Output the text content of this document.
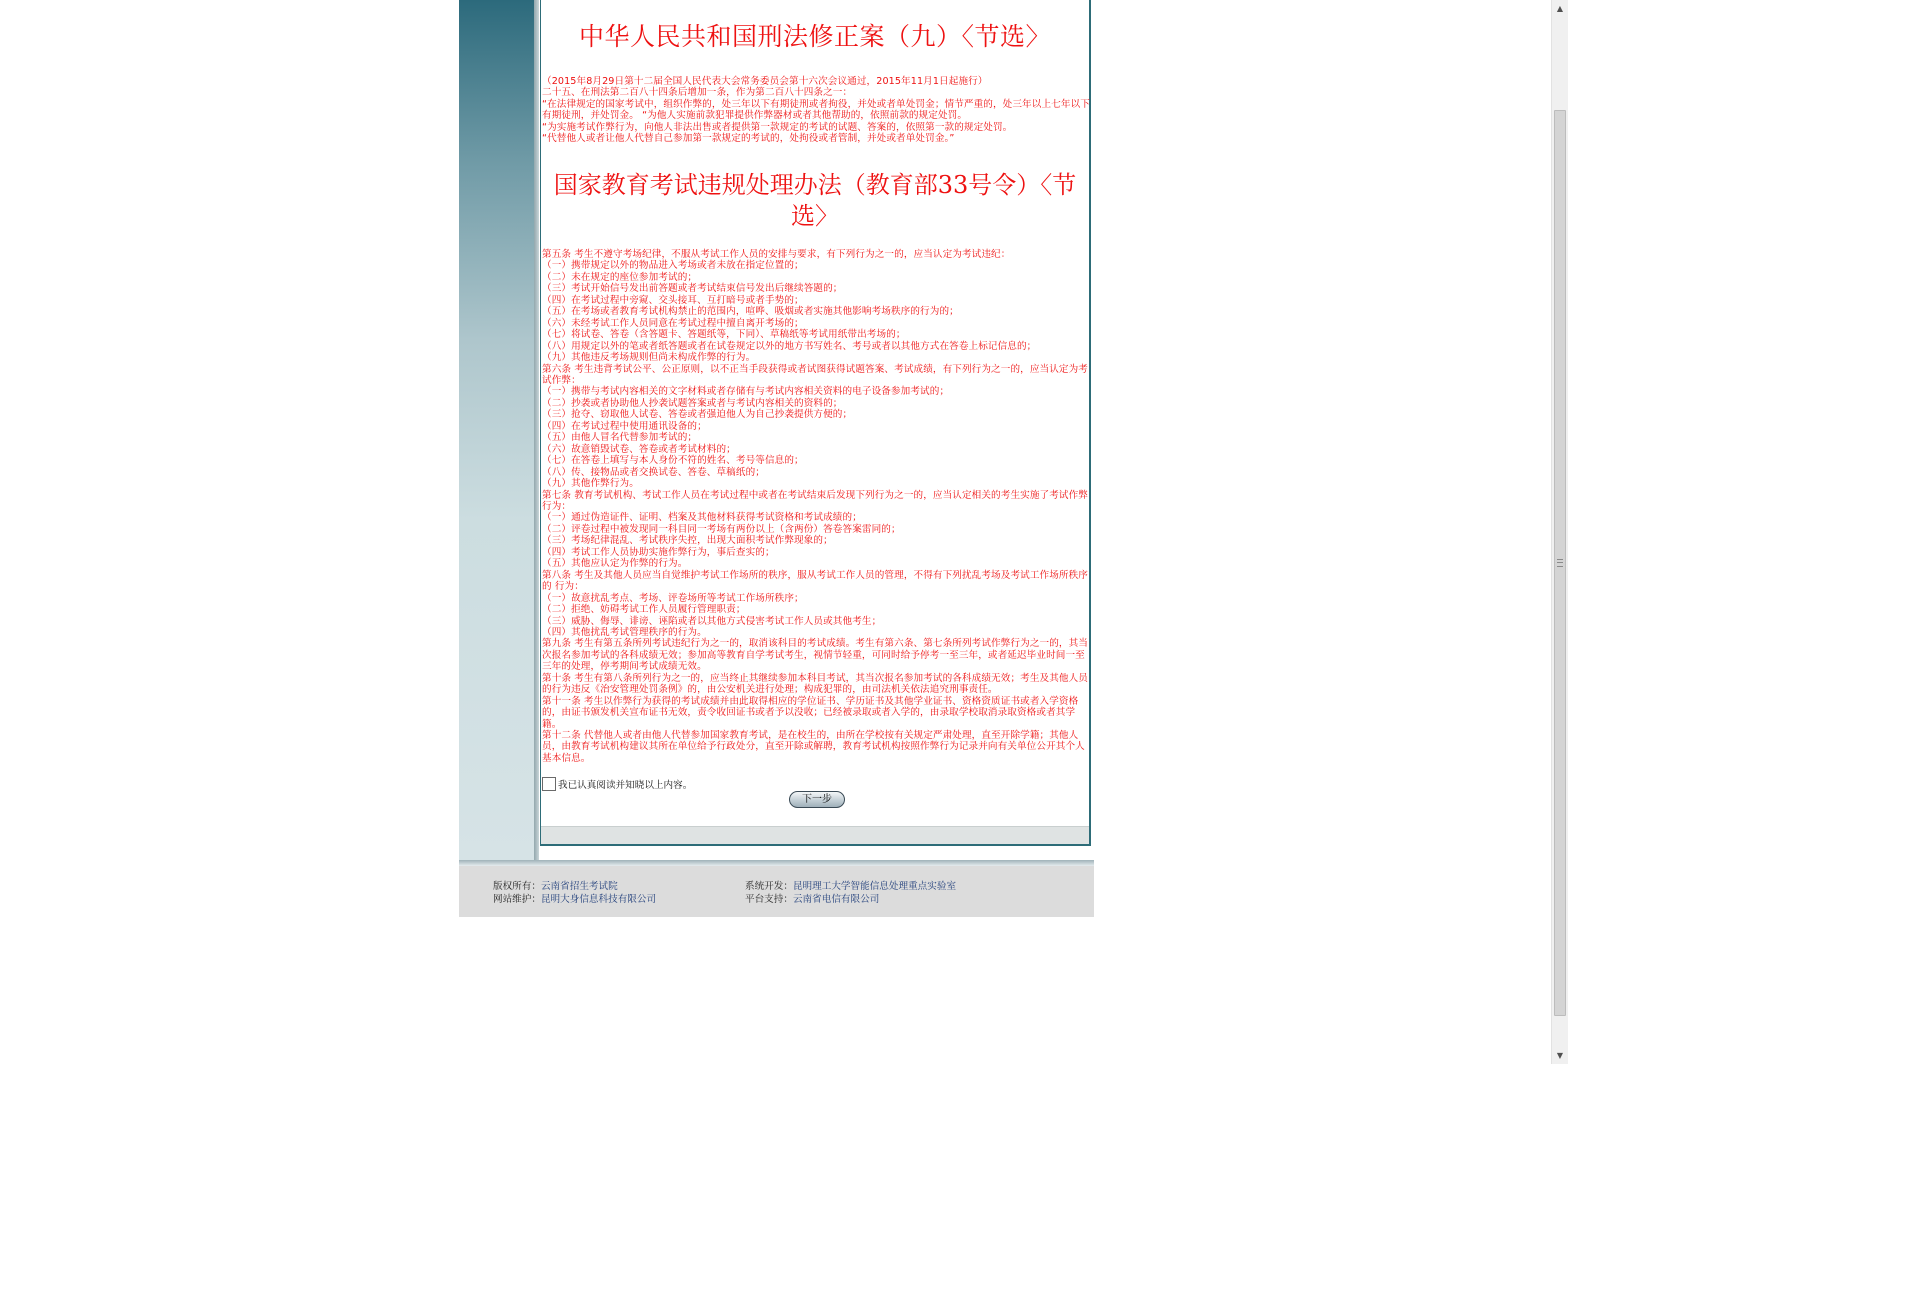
中华人民共和国刑法修正案（九）〈节选〉

（2015年8月29日第十二届全国人民代表大会常务委员会第十六次会议通过，2015年11月1日起施行）

二十五、在刑法第二百八十四条后增加一条，作为第二百八十四条之一：

“在法律规定的国家考试中，组织作弊的，处三年以下有期徒刑或者拘役，并处或者单处罚金；情节严重的，处三年以上七年以下有期徒刑，并处罚金。 “为他人实施前款犯罪提供作弊器材或者其他帮助的，依照前款的规定处罚。

“为实施考试作弊行为，向他人非法出售或者提供第一款规定的考试的试题、答案的，依照第一款的规定处罚。

“代替他人或者让他人代替自己参加第一款规定的考试的，处拘役或者管制，并处或者单处罚金。”

国家教育考试违规处理办法（教育部33号令）〈节选〉

第五条 考生不遵守考场纪律，不服从考试工作人员的安排与要求，有下列行为之一的，应当认定为考试违纪：

（一）携带规定以外的物品进入考场或者未放在指定位置的；

（二）未在规定的座位参加考试的；

（三）考试开始信号发出前答题或者考试结束信号发出后继续答题的；

（四）在考试过程中旁窥、交头接耳、互打暗号或者手势的；

（五）在考场或者教育考试机构禁止的范围内，喧哗、吸烟或者实施其他影响考场秩序的行为的；

（六）未经考试工作人员同意在考试过程中擅自离开考场的；

（七）将试卷、答卷（含答题卡、答题纸等，下同）、草稿纸等考试用纸带出考场的；

（八）用规定以外的笔或者纸答题或者在试卷规定以外的地方书写姓名、考号或者以其他方式在答卷上标记信息的；

（九）其他违反考场规则但尚未构成作弊的行为。

第六条 考生违背考试公平、公正原则，以不正当手段获得或者试图获得试题答案、考试成绩，有下列行为之一的，应当认定为考试作弊：

（一）携带与考试内容相关的文字材料或者存储有与考试内容相关资料的电子设备参加考试的；

（二）抄袭或者协助他人抄袭试题答案或者与考试内容相关的资料的；

（三）抢夺、窃取他人试卷、答卷或者强迫他人为自己抄袭提供方便的；

（四）在考试过程中使用通讯设备的；

（五）由他人冒名代替参加考试的；

（六）故意销毁试卷、答卷或者考试材料的；

（七）在答卷上填写与本人身份不符的姓名、考号等信息的；

（八）传、接物品或者交换试卷、答卷、草稿纸的；

（九）其他作弊行为。

第七条 教育考试机构、考试工作人员在考试过程中或者在考试结束后发现下列行为之一的，应当认定相关的考生实施了考试作弊行为：

（一）通过伪造证件、证明、档案及其他材料获得考试资格和考试成绩的；

（二）评卷过程中被发现同一科目同一考场有两份以上（含两份）答卷答案雷同的；

（三）考场纪律混乱、考试秩序失控，出现大面积考试作弊现象的；

（四）考试工作人员协助实施作弊行为，事后查实的；

（五）其他应认定为作弊的行为。

第八条 考生及其他人员应当自觉维护考试工作场所的秩序，服从考试工作人员的管理，不得有下列扰乱考场及考试工作场所秩序的 行为：

（一）故意扰乱考点、考场、评卷场所等考试工作场所秩序；

（二）拒绝、妨碍考试工作人员履行管理职责；

（三）威胁、侮辱、诽谤、诬陷或者以其他方式侵害考试工作人员或其他考生；

（四）其他扰乱考试管理秩序的行为。

第九条 考生有第五条所列考试违纪行为之一的，取消该科目的考试成绩。考生有第六条、第七条所列考试作弊行为之一的，其当次报名参加考试的各科成绩无效；参加高等教育自学考试考生，视情节轻重，可同时给予停考一至三年，或者延迟毕业时间一至三年的处理，停考期间考试成绩无效。

第十条 考生有第八条所列行为之一的，应当终止其继续参加本科目考试，其当次报名参加考试的各科成绩无效；考生及其他人员的行为违反《治安管理处罚条例》的，由公安机关进行处理；构成犯罪的，由司法机关依法追究刑事责任。

第十一条 考生以作弊行为获得的考试成绩并由此取得相应的学位证书、学历证书及其他学业证书、资格资质证书或者入学资格的，由证书颁发机关宣布证书无效，责令收回证书或者予以没收；已经被录取或者入学的，由录取学校取消录取资格或者其学籍。

第十二条 代替他人或者由他人代替参加国家教育考试，是在校生的，由所在学校按有关规定严肃处理，直至开除学籍；其他人员，由教育考试机构建议其所在单位给予行政处分，直至开除或解聘，教育考试机构按照作弊行为记录并向有关单位公开其个人基本信息。

我已认真阅读并知晓以上内容。
下一步
版权所有：云南省招生考试院
网站维护：昆明大身信息科技有限公司
系统开发：昆明理工大学智能信息处理重点实验室
平台支持：云南省电信有限公司
▲
▼
